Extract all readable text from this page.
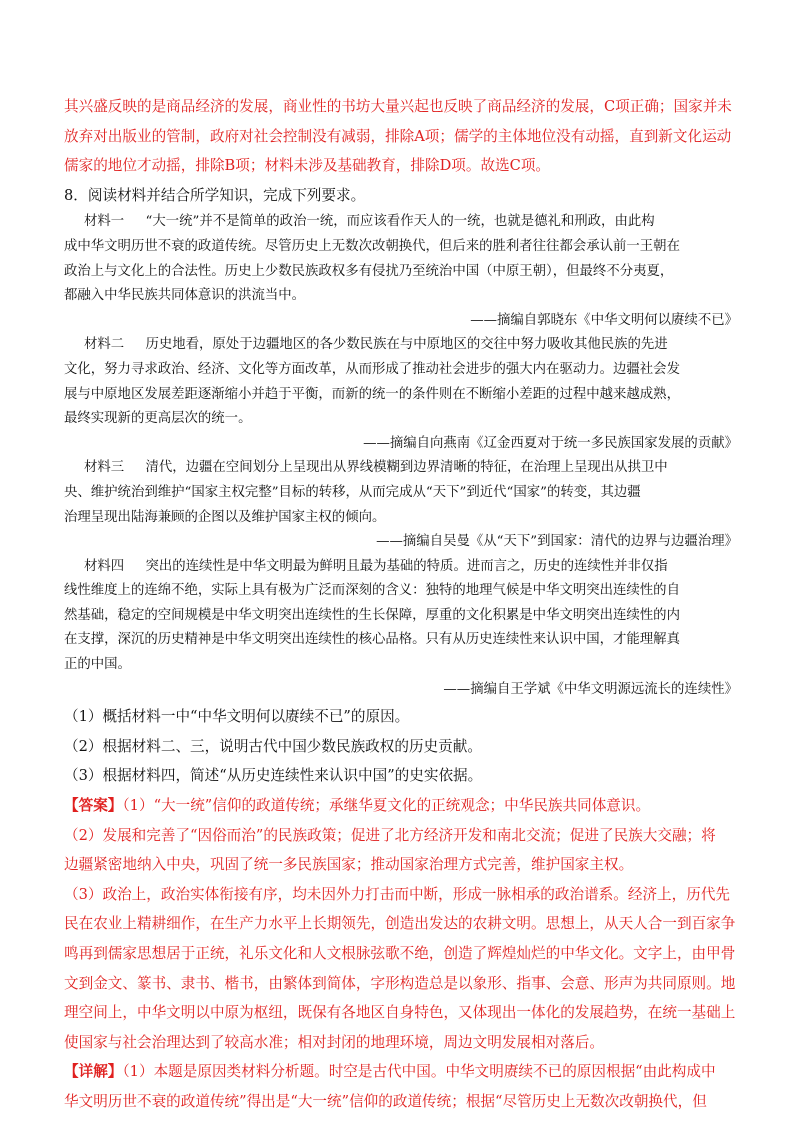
其兴盛反映的是商品经济的发展，商业性的书坊大量兴起也反映了商品经济的发展，C项正确；国家并未
放弃对出版业的管制，政府对社会控制没有减弱，排除A项；儒学的主体地位没有动摇，直到新文化运动
儒家的地位才动摇，排除B项；材料未涉及基础教育，排除D项。故选C项。
8．阅读材料并结合所学知识，完成下列要求。
材料一 “大一统”并不是简单的政治一统，而应该看作天人的一统，也就是德礼和刑政，由此构
成中华文明历世不衰的政道传统。尽管历史上无数次改朝换代，但后来的胜利者往往都会承认前一王朝在
政治上与文化上的合法性。历史上少数民族政权多有侵扰乃至统治中国（中原王朝），但最终不分夷夏，
都融入中华民族共同体意识的洪流当中。
——摘编自郭晓东《中华文明何以赓续不已》
材料二 历史地看，原处于边疆地区的各少数民族在与中原地区的交往中努力吸收其他民族的先进
文化，努力寻求政治、经济、文化等方面改革，从而形成了推动社会进步的强大内在驱动力。边疆社会发
展与中原地区发展差距逐渐缩小并趋于平衡，而新的统一的条件则在不断缩小差距的过程中越来越成熟，
最终实现新的更高层次的统一。
——摘编自向燕南《辽金西夏对于统一多民族国家发展的贡献》
材料三 清代，边疆在空间划分上呈现出从界线模糊到边界清晰的特征，在治理上呈现出从拱卫中
央、维护统治到维护“国家主权完整”目标的转移，从而完成从“天下”到近代“国家”的转变，其边疆
治理呈现出陆海兼顾的企图以及维护国家主权的倾向。
——摘编自吴曼《从“天下”到国家：清代的边界与边疆治理》
材料四 突出的连续性是中华文明最为鲜明且最为基础的特质。进而言之，历史的连续性并非仅指
线性维度上的连绵不绝，实际上具有极为广泛而深刻的含义：独特的地理气候是中华文明突出连续性的自
然基础，稳定的空间规模是中华文明突出连续性的生长保障，厚重的文化积累是中华文明突出连续性的内
在支撑，深沉的历史精神是中华文明突出连续性的核心品格。只有从历史连续性来认识中国，才能理解真
正的中国。
——摘编自王学斌《中华文明源远流长的连续性》
（1）概括材料一中“中华文明何以赓续不已”的原因。
（2）根据材料二、三，说明古代中国少数民族政权的历史贡献。
（3）根据材料四，简述“从历史连续性来认识中国”的史实依据。
【答案】（1）“大一统”信仰的政道传统；承继华夏文化的正统观念；中华民族共同体意识。
（2）发展和完善了“因俗而治”的民族政策；促进了北方经济开发和南北交流；促进了民族大交融；将
边疆紧密地纳入中央，巩固了统一多民族国家；推动国家治理方式完善，维护国家主权。
（3）政治上，政治实体衔接有序，均未因外力打击而中断，形成一脉相承的政治谱系。经济上，历代先
民在农业上精耕细作，在生产力水平上长期领先，创造出发达的农耕文明。思想上，从天人合一到百家争
鸣再到儒家思想居于正统，礼乐文化和人文根脉弦歌不绝，创造了辉煌灿烂的中华文化。文字上，由甲骨
文到金文、篆书、隶书、楷书，由繁体到简体，字形构造总是以象形、指事、会意、形声为共同原则。地
理空间上，中华文明以中原为枢纽，既保有各地区自身特色，又体现出一体化的发展趋势，在统一基础上
使国家与社会治理达到了较高水准；相对封闭的地理环境，周边文明发展相对落后。
【详解】（1）本题是原因类材料分析题。时空是古代中国。中华文明赓续不已的原因根据“由此构成中
华文明历世不衰的政道传统”得出是“大一统”信仰的政道传统；根据“尽管历史上无数次改朝换代，但
